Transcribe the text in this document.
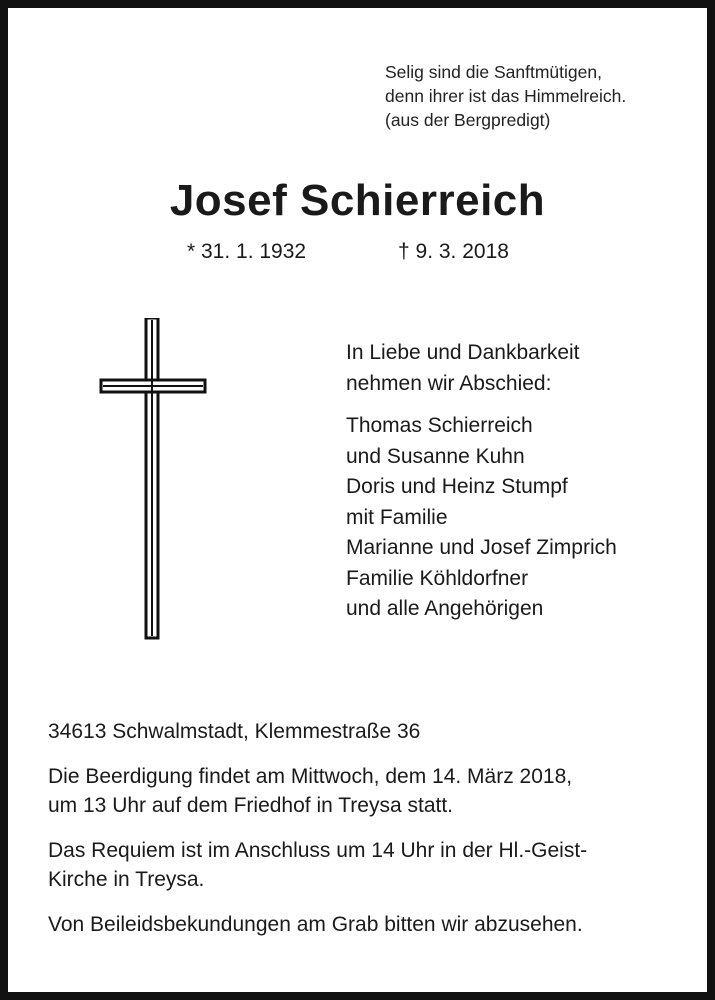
Selig sind die Sanftmütigen,
denn ihrer ist das Himmelreich.
(aus der Bergpredigt)
Josef Schierreich
* 31. 1. 1932	† 9. 3. 2018
In Liebe und Dankbarkeit
nehmen wir Abschied:
Thomas Schierreich
und Susanne Kuhn
Doris und Heinz Stumpf
mit Familie
Marianne und Josef Zimprich
Familie Köhldorfner
und alle Angehörigen
34613 Schwalmstadt, Klemmestraße 36
Die Beerdigung findet am Mittwoch, dem 14. März 2018,
um 13 Uhr auf dem Friedhof in Treysa statt.
Das Requiem ist im Anschluss um 14 Uhr in der Hl.-Geist-
Kirche in Treysa.
Von Beileidsbekundungen am Grab bitten wir abzusehen.
